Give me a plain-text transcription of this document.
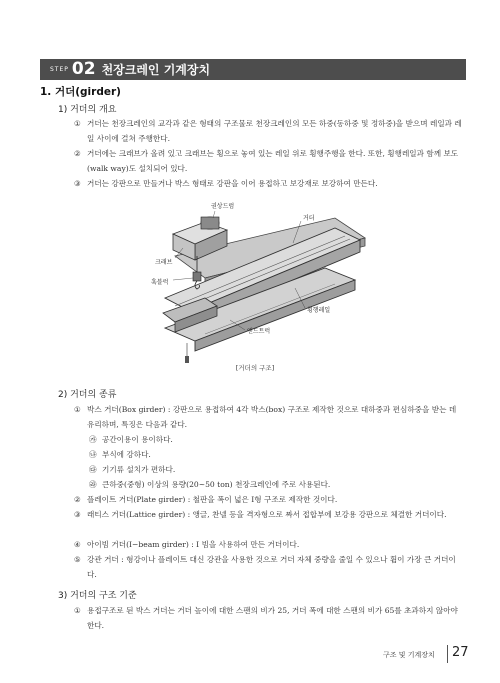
STEP 02 천장크레인 기계장치
1. 거더(girder)
1) 거더의 개요
① 거더는 천장크레인의 교각과 같은 형태의 구조물로 천장크레인의 모든 하중(동하중 및 정하중)을 받으며 레일과 레일 사이에 걸쳐 주행한다.
② 거더에는 크래브가 올려 있고 크래브는 횡으로 놓여 있는 레일 위로 횡행주행을 한다. 또한, 횡행레일과 함께 보도(walk way)도 설치되어 있다.
③ 거더는 강판으로 만들거나 박스 형태로 강판을 이어 용접하고 보강재로 보강하여 만든다.
권상드럼
거더
크래브
훅블럭
횡행레일
엔드트럭
[거더의 구조]
2) 거더의 종류
① 박스 거더(Box girder) : 강판으로 용접하여 4각 박스(box) 구조로 제작한 것으로 대하중과 편심하중을 받는 데 유리하며, 특징은 다음과 같다.
㉮ 공간이용이 용이하다.
㉯ 부식에 강하다.
㉰ 기기류 설치가 편하다.
㉱ 큰하중(중형) 이상의 용량(20~50 ton) 천장크레인에 주로 사용된다.
② 플레이트 거더(Plate girder) : 철판을 폭이 넓은 I형 구조로 제작한 것이다.
③ 래티스 거더(Lattice girder) : 앵글, 찬넬 등을 격자형으로 짜서 접합부에 보강용 강판으로 체결한 거더이다.
④ 아이빔 거더(I−beam girder) : I 빔을 사용하여 만든 거더이다.
⑤ 강관 거더 : 형강이나 플레이트 대신 강관을 사용한 것으로 거더 자체 중량을 줄일 수 있으나 휨이 가장 큰 거더이다.
3) 거더의 구조 기준
① 용접구조로 된 박스 거더는 거더 높이에 대한 스팬의 비가 25, 거더 폭에 대한 스팬의 비가 65를 초과하지 않아야 한다.
구조 및 기계장치 27
